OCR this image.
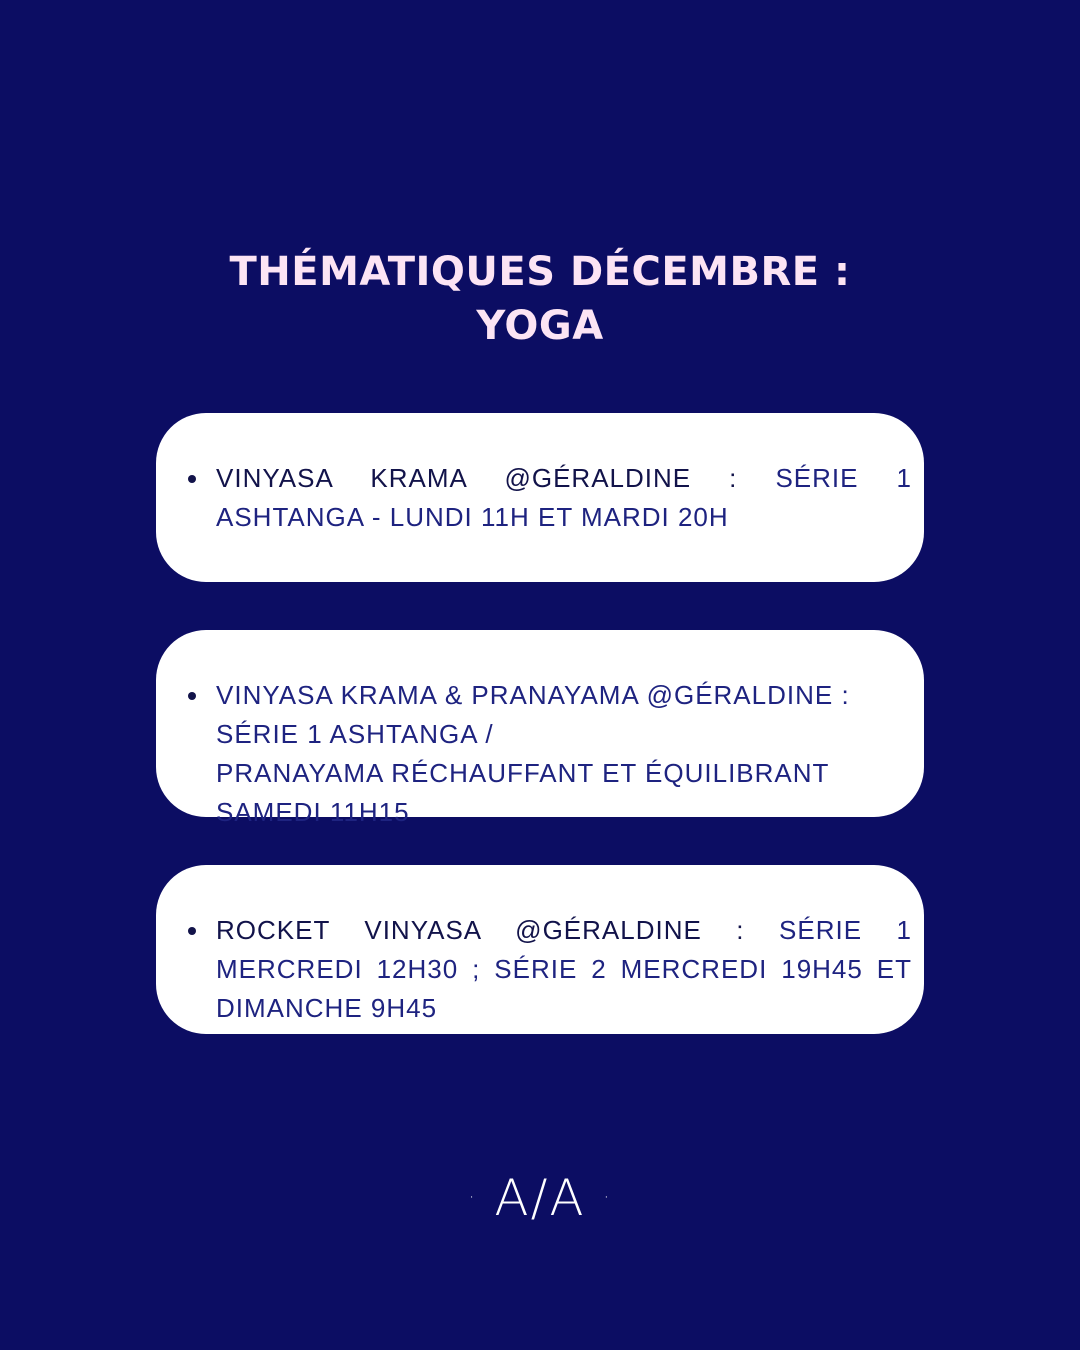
THÉMATIQUES DÉCEMBRE :
YOGA
VINYASA KRAMA @GÉRALDINE : SÉRIE 1 ASHTANGA - LUNDI 11H ET MARDI 20H
VINYASA KRAMA & PRANAYAMA @GÉRALDINE :
SÉRIE 1 ASHTANGA /
PRANAYAMA RÉCHAUFFANT ET ÉQUILIBRANT
SAMEDI 11H15
ROCKET VINYASA @GÉRALDINE : SÉRIE 1 MERCREDI 12H30 ; SÉRIE 2 MERCREDI 19H45 ET DIMANCHE 9H45
· A/A ·
